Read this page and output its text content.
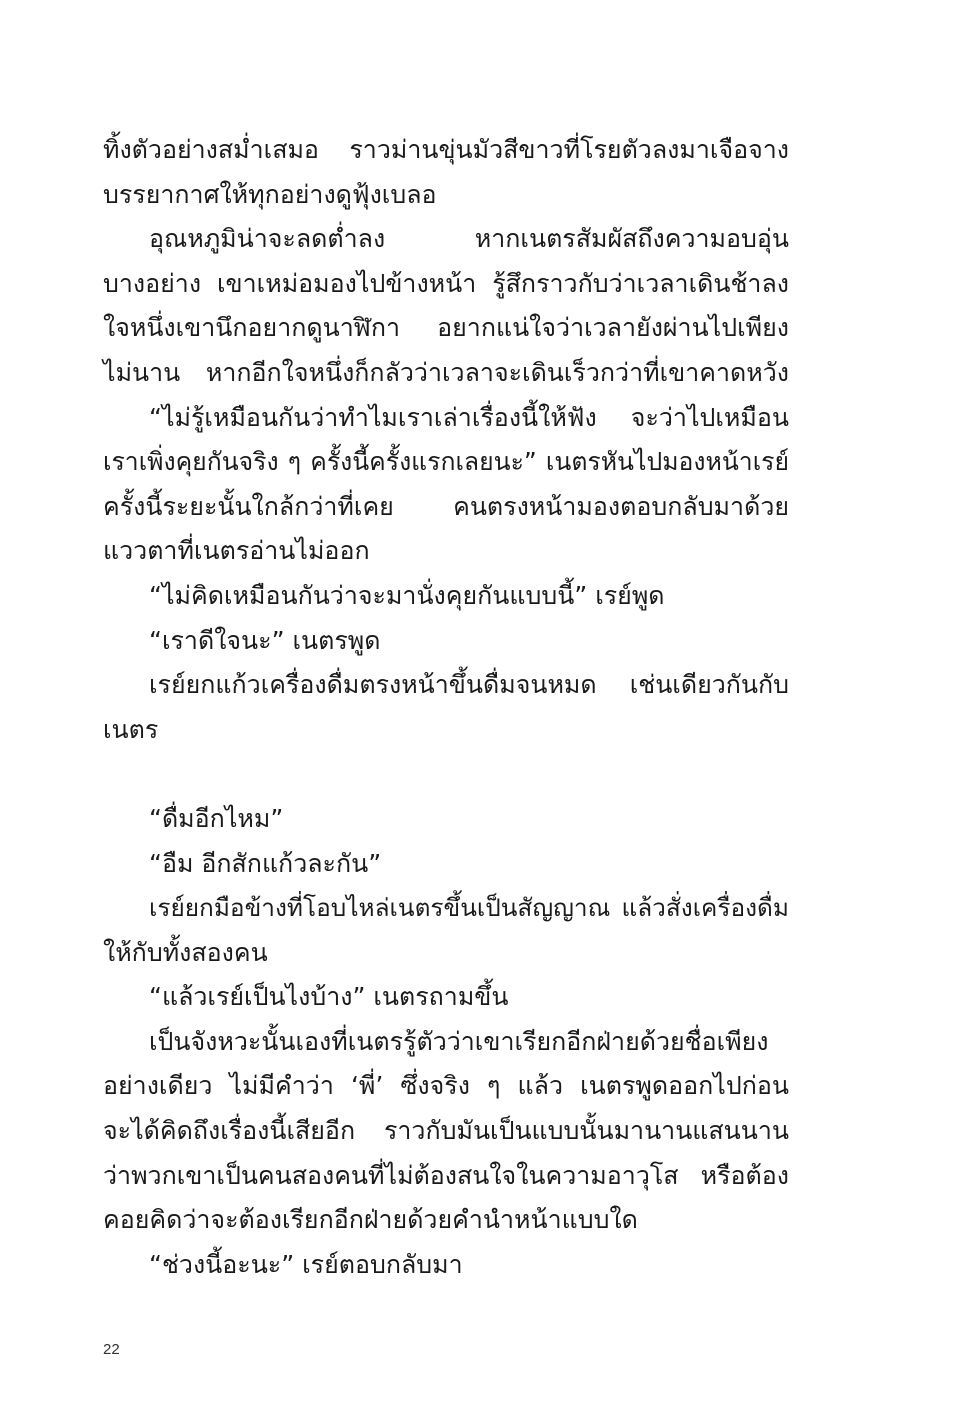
ทิ้งตัวอย่างสม่ำเสมอ ราวม่านขุ่นมัวสีขาวที่โรยตัวลงมาเจือจาง
บรรยากาศให้ทุกอย่างดูฟุ้งเบลอ
อุณหภูมิน่าจะลดต่ำลง หากเนตรสัมผัสถึงความอบอุ่น
บางอย่าง เขาเหม่อมองไปข้างหน้า รู้สึกราวกับว่าเวลาเดินช้าลง
ใจหนึ่งเขานึกอยากดูนาฬิกา อยากแน่ใจว่าเวลายังผ่านไปเพียง
ไม่นาน หากอีกใจหนึ่งก็กลัวว่าเวลาจะเดินเร็วกว่าที่เขาคาดหวัง
“ไม่รู้เหมือนกันว่าทำไมเราเล่าเรื่องนี้ให้ฟัง จะว่าไปเหมือน
เราเพิ่งคุยกันจริง ๆ ครั้งนี้ครั้งแรกเลยนะ” เนตรหันไปมองหน้าเรย์
ครั้งนี้ระยะนั้นใกล้กว่าที่เคย คนตรงหน้ามองตอบกลับมาด้วย
แววตาที่เนตรอ่านไม่ออก
“ไม่คิดเหมือนกันว่าจะมานั่งคุยกันแบบนี้” เรย์พูด
“เราดีใจนะ” เนตรพูด
เรย์ยกแก้วเครื่องดื่มตรงหน้าขึ้นดื่มจนหมด เช่นเดียวกันกับ
เนตร
“ดื่มอีกไหม”
“อืม อีกสักแก้วละกัน”
เรย์ยกมือข้างที่โอบไหล่เนตรขึ้นเป็นสัญญาณ แล้วสั่งเครื่องดื่ม
ให้กับทั้งสองคน
“แล้วเรย์เป็นไงบ้าง” เนตรถามขึ้น
เป็นจังหวะนั้นเองที่เนตรรู้ตัวว่าเขาเรียกอีกฝ่ายด้วยชื่อเพียง
อย่างเดียว ไม่มีคำว่า ‘พี่’ ซึ่งจริง ๆ แล้ว เนตรพูดออกไปก่อน
จะได้คิดถึงเรื่องนี้เสียอีก ราวกับมันเป็นแบบนั้นมานานแสนนาน
ว่าพวกเขาเป็นคนสองคนที่ไม่ต้องสนใจในความอาวุโส หรือต้อง
คอยคิดว่าจะต้องเรียกอีกฝ่ายด้วยคำนำหน้าแบบใด
“ช่วงนี้อะนะ” เรย์ตอบกลับมา
22
